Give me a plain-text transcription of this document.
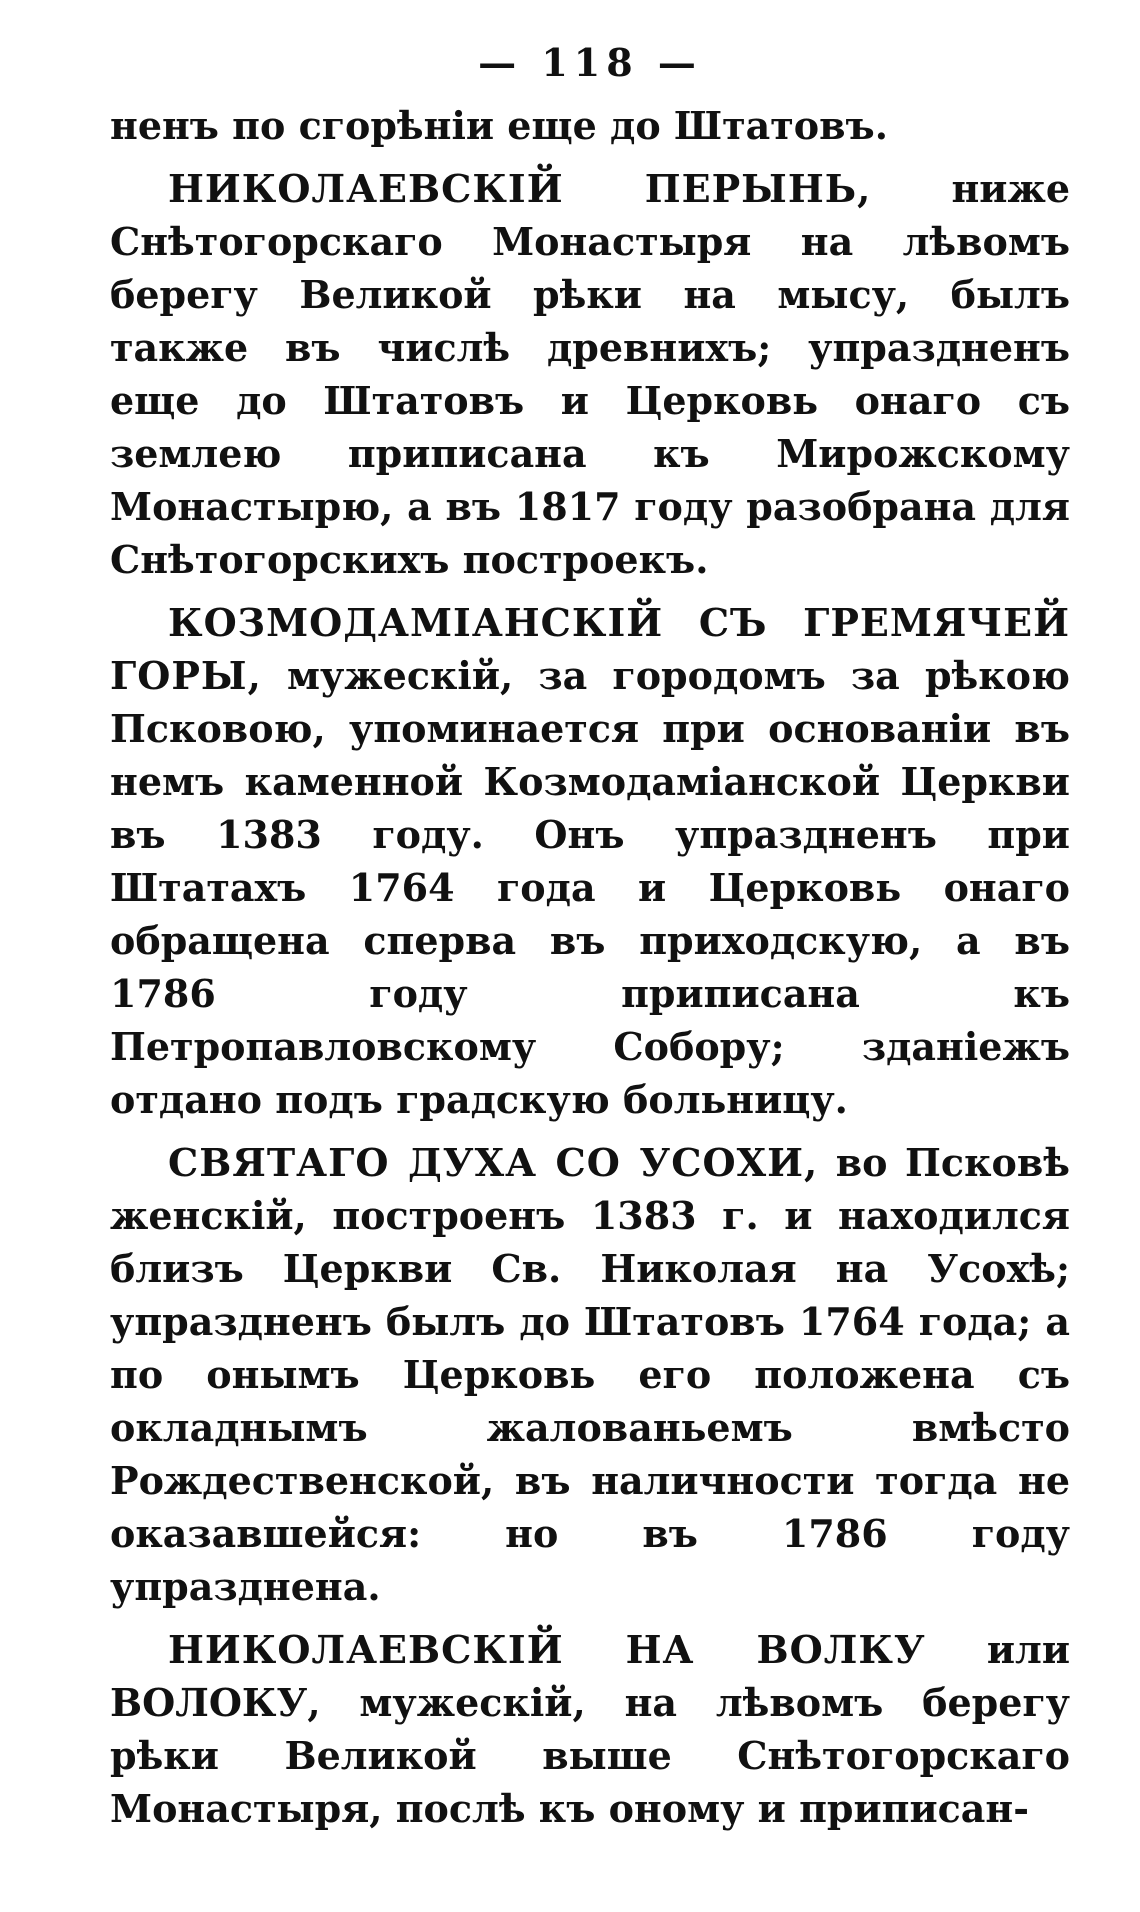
— 118 —

ненъ по сгорѣніи еще до Штатовъ.

НИКОЛАЕВСКІЙ ПЕРЫНЬ, ниже Снѣтогорскаго Монастыря на лѣвомъ берегу Великой рѣки на мысу, былъ также въ числѣ древнихъ; упраздненъ еще до Штатовъ и Церковь онаго съ землею приписана къ Мирожскому Монастырю, а въ 1817 году разобрана для Снѣтогорскихъ построекъ.

КОЗМОДАМІАНСКІЙ СЪ ГРЕМЯЧЕЙ ГОРЫ, мужескій, за городомъ за рѣкою Псковою, упоминается при основаніи въ немъ каменной Козмодаміанской Церкви въ 1383 году. Онъ упраздненъ при Штатахъ 1764 года и Церковь онаго обращена сперва въ приходскую, а въ 1786 году приписана къ Петропавловскому Собору; зданіежъ отдано подъ градскую больницу.

СВЯТАГО ДУХА СО УСОХИ, во Псковѣ женскій, построенъ 1383 г. и находился близъ Церкви Св. Николая на Усохѣ; упраздненъ былъ до Штатовъ 1764 года; а по онымъ Церковь его положена съ окладнымъ жалованьемъ вмѣсто Рождественской, въ наличности тогда не оказавшейся: но въ 1786 году упразднена.

НИКОЛАЕВСКІЙ НА ВОЛКУ или ВОЛОКУ, мужескій, на лѣвомъ берегу рѣки Великой выше Снѣтогорскаго Монастыря, послѣ къ оному и приписан-
